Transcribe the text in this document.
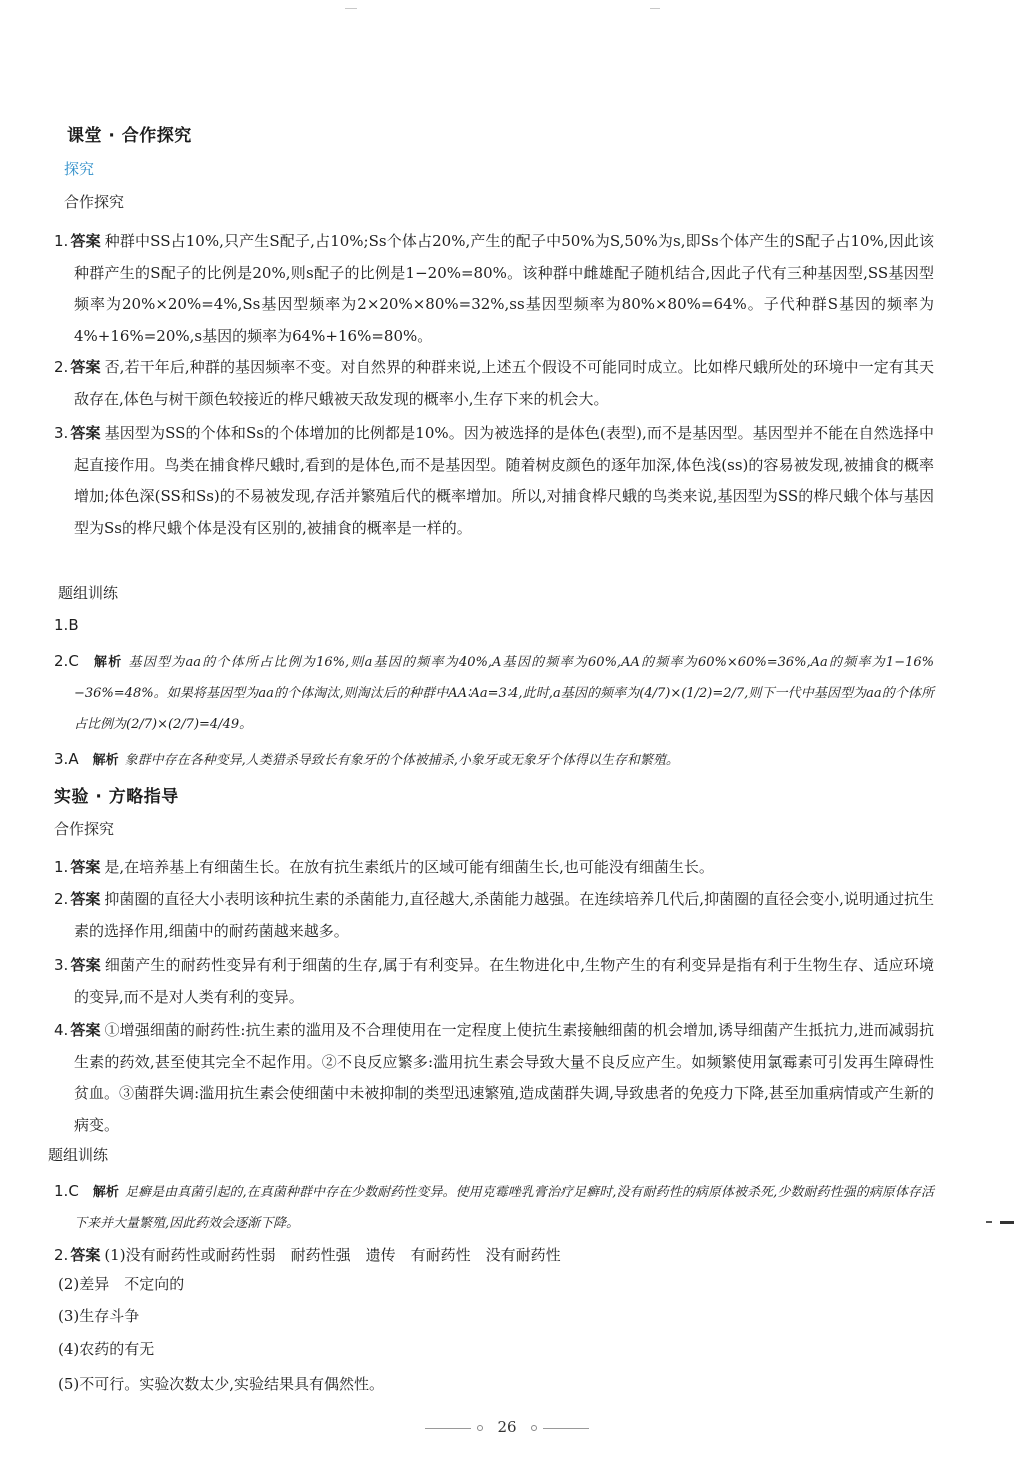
课堂 · 合作探究
探究
合作探究
1. 答案 种群中SS占10%,只产生S配子,占10%;Ss个体占20%,产生的配子中50%为S,50%为s,即Ss个体产生的S配子占10%,因此该种群产生的S配子的比例是20%,则s配子的比例是1−20%=80%。该种群中雌雄配子随机结合,因此子代有三种基因型,SS基因型频率为20%×20%=4%,Ss基因型频率为2×20%×80%=32%,ss基因型频率为80%×80%=64%。子代种群S基因的频率为4%+16%=20%,s基因的频率为64%+16%=80%。
2. 答案 否,若干年后,种群的基因频率不变。对自然界的种群来说,上述五个假设不可能同时成立。比如桦尺蛾所处的环境中一定有其天敌存在,体色与树干颜色较接近的桦尺蛾被天敌发现的概率小,生存下来的机会大。
3. 答案 基因型为SS的个体和Ss的个体增加的比例都是10%。因为被选择的是体色(表型),而不是基因型。基因型并不能在自然选择中起直接作用。鸟类在捕食桦尺蛾时,看到的是体色,而不是基因型。随着树皮颜色的逐年加深,体色浅(ss)的容易被发现,被捕食的概率增加;体色深(SS和Ss)的不易被发现,存活并繁殖后代的概率增加。所以,对捕食桦尺蛾的鸟类来说,基因型为SS的桦尺蛾个体与基因型为Ss的桦尺蛾个体是没有区别的,被捕食的概率是一样的。
题组训练
1.B
2.C 解析 基因型为aa的个体所占比例为16%,则a基因的频率为40%,A基因的频率为60%,AA的频率为60%×60%=36%,Aa的频率为1−16%−36%=48%。如果将基因型为aa的个体淘汰,则淘汰后的种群中AA∶Aa=3∶4,此时,a基因的频率为(4/7)×(1/2)=2/7,则下一代中基因型为aa的个体所占比例为(2/7)×(2/7)=4/49。
3.A 解析 象群中存在各种变异,人类猎杀导致长有象牙的个体被捕杀,小象牙或无象牙个体得以生存和繁殖。
实验 · 方略指导
合作探究
1. 答案 是,在培养基上有细菌生长。在放有抗生素纸片的区域可能有细菌生长,也可能没有细菌生长。
2. 答案 抑菌圈的直径大小表明该种抗生素的杀菌能力,直径越大,杀菌能力越强。在连续培养几代后,抑菌圈的直径会变小,说明通过抗生素的选择作用,细菌中的耐药菌越来越多。
3. 答案 细菌产生的耐药性变异有利于细菌的生存,属于有利变异。在生物进化中,生物产生的有利变异是指有利于生物生存、适应环境的变异,而不是对人类有利的变异。
4. 答案 ①增强细菌的耐药性:抗生素的滥用及不合理使用在一定程度上使抗生素接触细菌的机会增加,诱导细菌产生抵抗力,进而减弱抗生素的药效,甚至使其完全不起作用。②不良反应繁多:滥用抗生素会导致大量不良反应产生。如频繁使用氯霉素可引发再生障碍性贫血。③菌群失调:滥用抗生素会使细菌中未被抑制的类型迅速繁殖,造成菌群失调,导致患者的免疫力下降,甚至加重病情或产生新的病变。
题组训练
1.C 解析 足癣是由真菌引起的,在真菌种群中存在少数耐药性变异。使用克霉唑乳膏治疗足癣时,没有耐药性的病原体被杀死,少数耐药性强的病原体存活下来并大量繁殖,因此药效会逐渐下降。
2. 答案 (1)没有耐药性或耐药性弱　耐药性强　遗传　有耐药性　没有耐药性
(2)差异　不定向的
(3)生存斗争
(4)农药的有无
(5)不可行。实验次数太少,实验结果具有偶然性。
26
